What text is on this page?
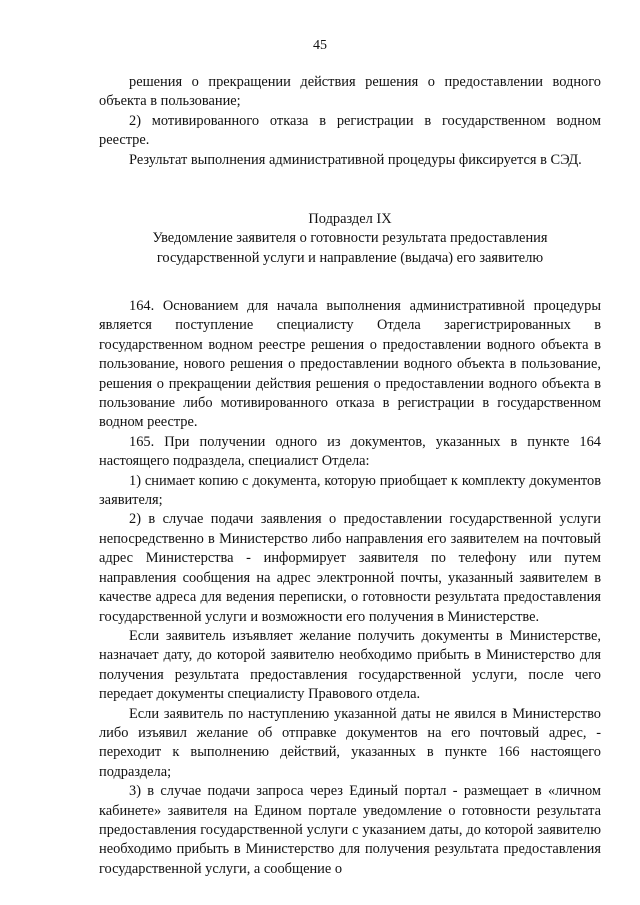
45

решения о прекращении действия решения о предоставлении водного объекта в пользование;

2) мотивированного отказа в регистрации в государственном водном реестре.

Результат выполнения административной процедуры фиксируется в СЭД.

Подраздел IX
Уведомление заявителя о готовности результата предоставления
государственной услуги и направление (выдача) его заявителю

164. Основанием для начала выполнения административной процедуры является поступление специалисту Отдела зарегистрированных в государственном водном реестре решения о предоставлении водного объекта в пользование, нового решения о предоставлении водного объекта в пользование, решения о прекращении действия решения о предоставлении водного объекта в пользование либо мотивированного отказа в регистрации в государственном водном реестре.

165. При получении одного из документов, указанных в пункте 164 настоящего подраздела, специалист Отдела:

1) снимает копию с документа, которую приобщает к комплекту документов заявителя;

2) в случае подачи заявления о предоставлении государственной услуги непосредственно в Министерство либо направления его заявителем на почтовый адрес Министерства - информирует заявителя по телефону или путем направления сообщения на адрес электронной почты, указанный заявителем в качестве адреса для ведения переписки, о готовности результата предоставления государственной услуги и возможности его получения в Министерстве.

Если заявитель изъявляет желание получить документы в Министерстве, назначает дату, до которой заявителю необходимо прибыть в Министерство для получения результата предоставления государственной услуги, после чего передает документы специалисту Правового отдела.

Если заявитель по наступлению указанной даты не явился в Министерство либо изъявил желание об отправке документов на его почтовый адрес, - переходит к выполнению действий, указанных в пункте 166 настоящего подраздела;

3) в случае подачи запроса через Единый портал - размещает в «личном кабинете» заявителя на Едином портале уведомление о готовности результата предоставления государственной услуги с указанием даты, до которой заявителю необходимо прибыть в Министерство для получения результата предоставления государственной услуги, а сообщение о
